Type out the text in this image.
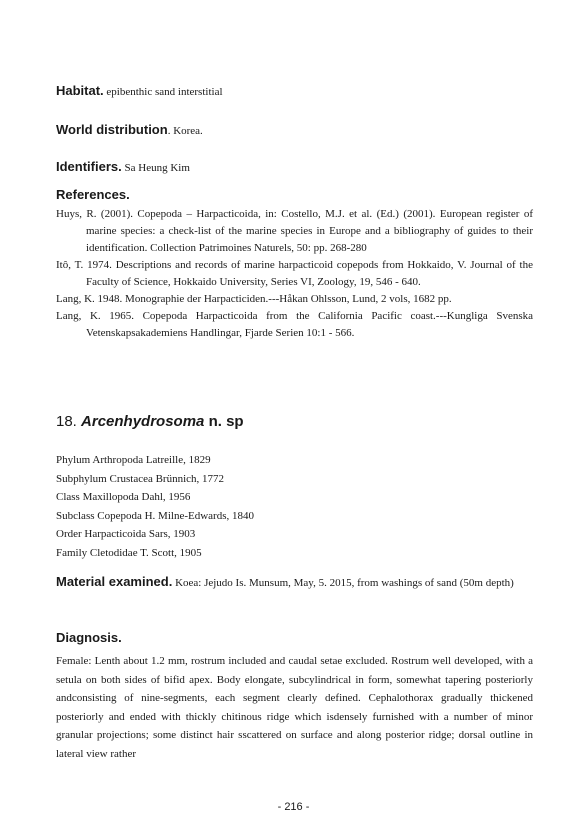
Habitat. epibenthic sand interstitial
World distribution. Korea.
Identifiers. Sa Heung Kim
References.

Huys, R. (2001). Copepoda – Harpacticoida, in: Costello, M.J. et al. (Ed.) (2001). European register of marine species: a check-list of the marine species in Europe and a bibliography of guides to their identification. Collection Patrimoines Naturels, 50: pp. 268-280

Itô, T. 1974. Descriptions and records of marine harpacticoid copepods from Hokkaido, V. Journal of the Faculty of Science, Hokkaido University, Series VI, Zoology, 19, 546 - 640.

Lang, K. 1948. Monographie der Harpacticiden.---Håkan Ohlsson, Lund, 2 vols, 1682 pp.

Lang, K. 1965. Copepoda Harpacticoida from the California Pacific coast.---Kungliga Svenska Vetenskapsakademiens Handlingar, Fjarde Serien 10:1 - 566.

18. Arcenhydrosoma n. sp
Phylum Arthropoda Latreille, 1829
Subphylum Crustacea Brünnich, 1772
Class Maxillopoda Dahl, 1956
Subclass Copepoda H. Milne-Edwards, 1840
Order Harpacticoida Sars, 1903
Family Cletodidae T. Scott, 1905
Material examined. Koea: Jejudo Is. Munsum, May, 5. 2015, from washings of sand (50m depth)
Diagnosis.
Female: Lenth about 1.2 mm, rostrum included and caudal setae excluded. Rostrum well developed, with a setula on both sides of bifid apex. Body elongate, subcylindrical in form, somewhat tapering posteriorly andconsisting of nine-segments, each segment clearly defined. Cephalothorax gradually thickened posteriorly and ended with thickly chitinous ridge which isdensely furnished with a number of minor granular projections; some distinct hair sscattered on surface and along posterior ridge; dorsal outline in lateral view rather
- 216 -
